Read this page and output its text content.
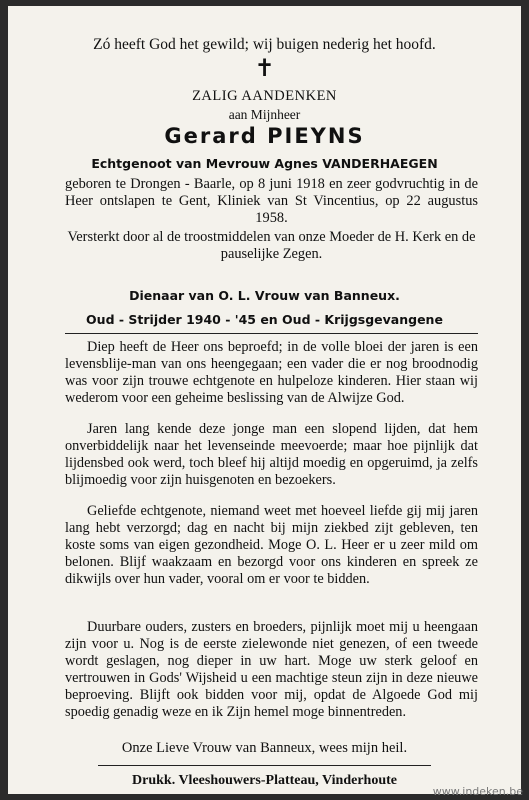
Zó heeft God het gewild; wij buigen nederig het hoofd.
✝
ZALIG AANDENKEN
aan Mijnheer
Gerard PIEYNS
Echtgenoot van Mevrouw Agnes VANDERHAEGEN
geboren te Drongen - Baarle, op 8 juni 1918 en zeer godvruchtig in de Heer ontslapen te Gent, Kliniek van St Vincentius, op 22 augustus 1958.
Versterkt door al de troostmiddelen van onze Moeder de H. Kerk en de pauselijke Zegen.
Dienaar van O. L. Vrouw van Banneux.
Oud - Strijder 1940 - '45 en Oud - Krijgsgevangene

Diep heeft de Heer ons beproefd; in de volle bloei der jaren is een levensblije-man van ons heengegaan; een vader die er nog broodnodig was voor zijn trouwe echtgenote en hulpeloze kinderen. Hier staan wij wederom voor een geheime beslissing van de Alwijze God.

Jaren lang kende deze jonge man een slopend lijden, dat hem onverbiddelijk naar het levenseinde meevoerde; maar hoe pijnlijk dat lijdensbed ook werd, toch bleef hij altijd moedig en opgeruimd, ja zelfs blijmoedig voor zijn huisgenoten en bezoekers.

Geliefde echtgenote, niemand weet met hoeveel liefde gij mij jaren lang hebt verzorgd; dag en nacht bij mijn ziekbed zijt gebleven, ten koste soms van eigen gezondheid. Moge O. L. Heer er u zeer mild om belonen. Blijf waakzaam en bezorgd voor ons kinderen en spreek ze dikwijls over hun vader, vooral om er voor te bidden.

Duurbare ouders, zusters en broeders, pijnlijk moet mij u heengaan zijn voor u. Nog is de eerste zielewonde niet genezen, of een tweede wordt geslagen, nog dieper in uw hart. Moge uw sterk geloof en vertrouwen in Gods' Wijsheid u een machtige steun zijn in deze nieuwe beproeving. Blijft ook bidden voor mij, opdat de Algoede God mij spoedig genadig weze en ik Zijn hemel moge binnentreden.

Onze Lieve Vrouw van Banneux, wees mijn heil.
Drukk. Vleeshouwers-Platteau, Vinderhoute
www.indeken.be
